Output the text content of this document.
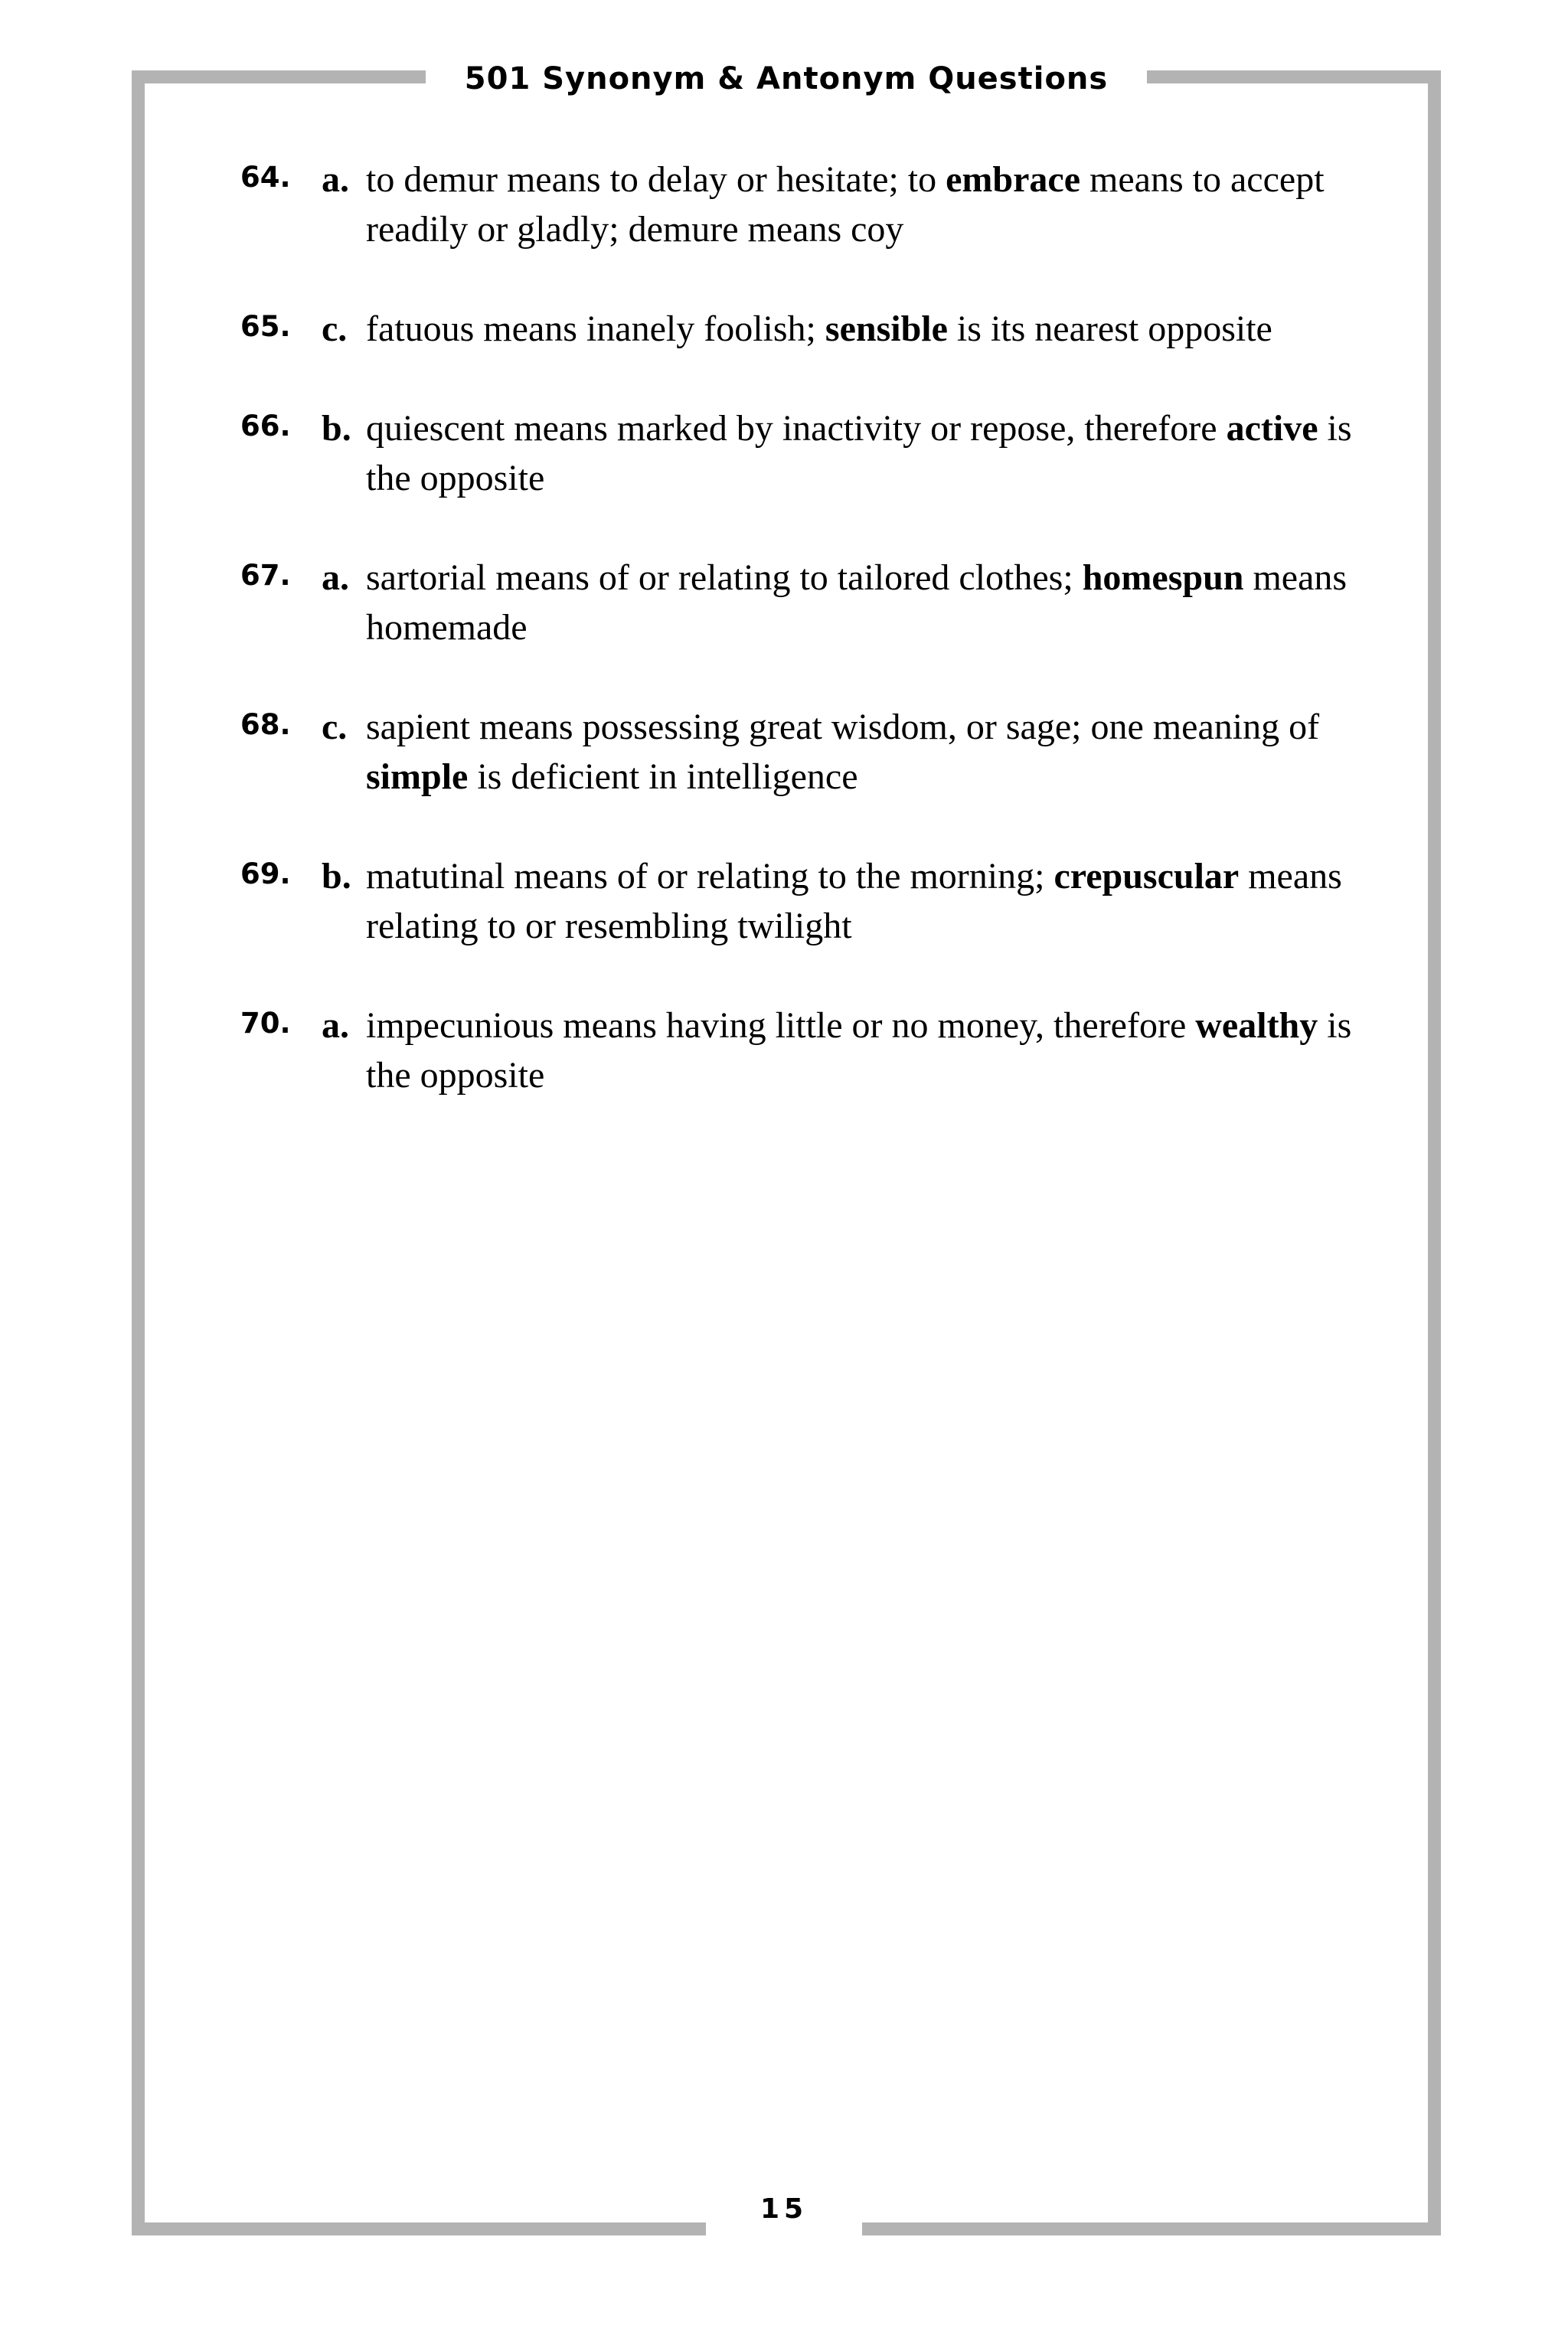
501 Synonym & Antonym Questions
64. a. to demur means to delay or hesitate; to embrace means to accept readily or gladly; demure means coy
65. c. fatuous means inanely foolish; sensible is its nearest opposite
66. b. quiescent means marked by inactivity or repose, therefore active is the opposite
67. a. sartorial means of or relating to tailored clothes; homespun means homemade
68. c. sapient means possessing great wisdom, or sage; one meaning of simple is deficient in intelligence
69. b. matutinal means of or relating to the morning; crepuscular means relating to or resembling twilight
70. a. impecunious means having little or no money, therefore wealthy is the opposite
15
